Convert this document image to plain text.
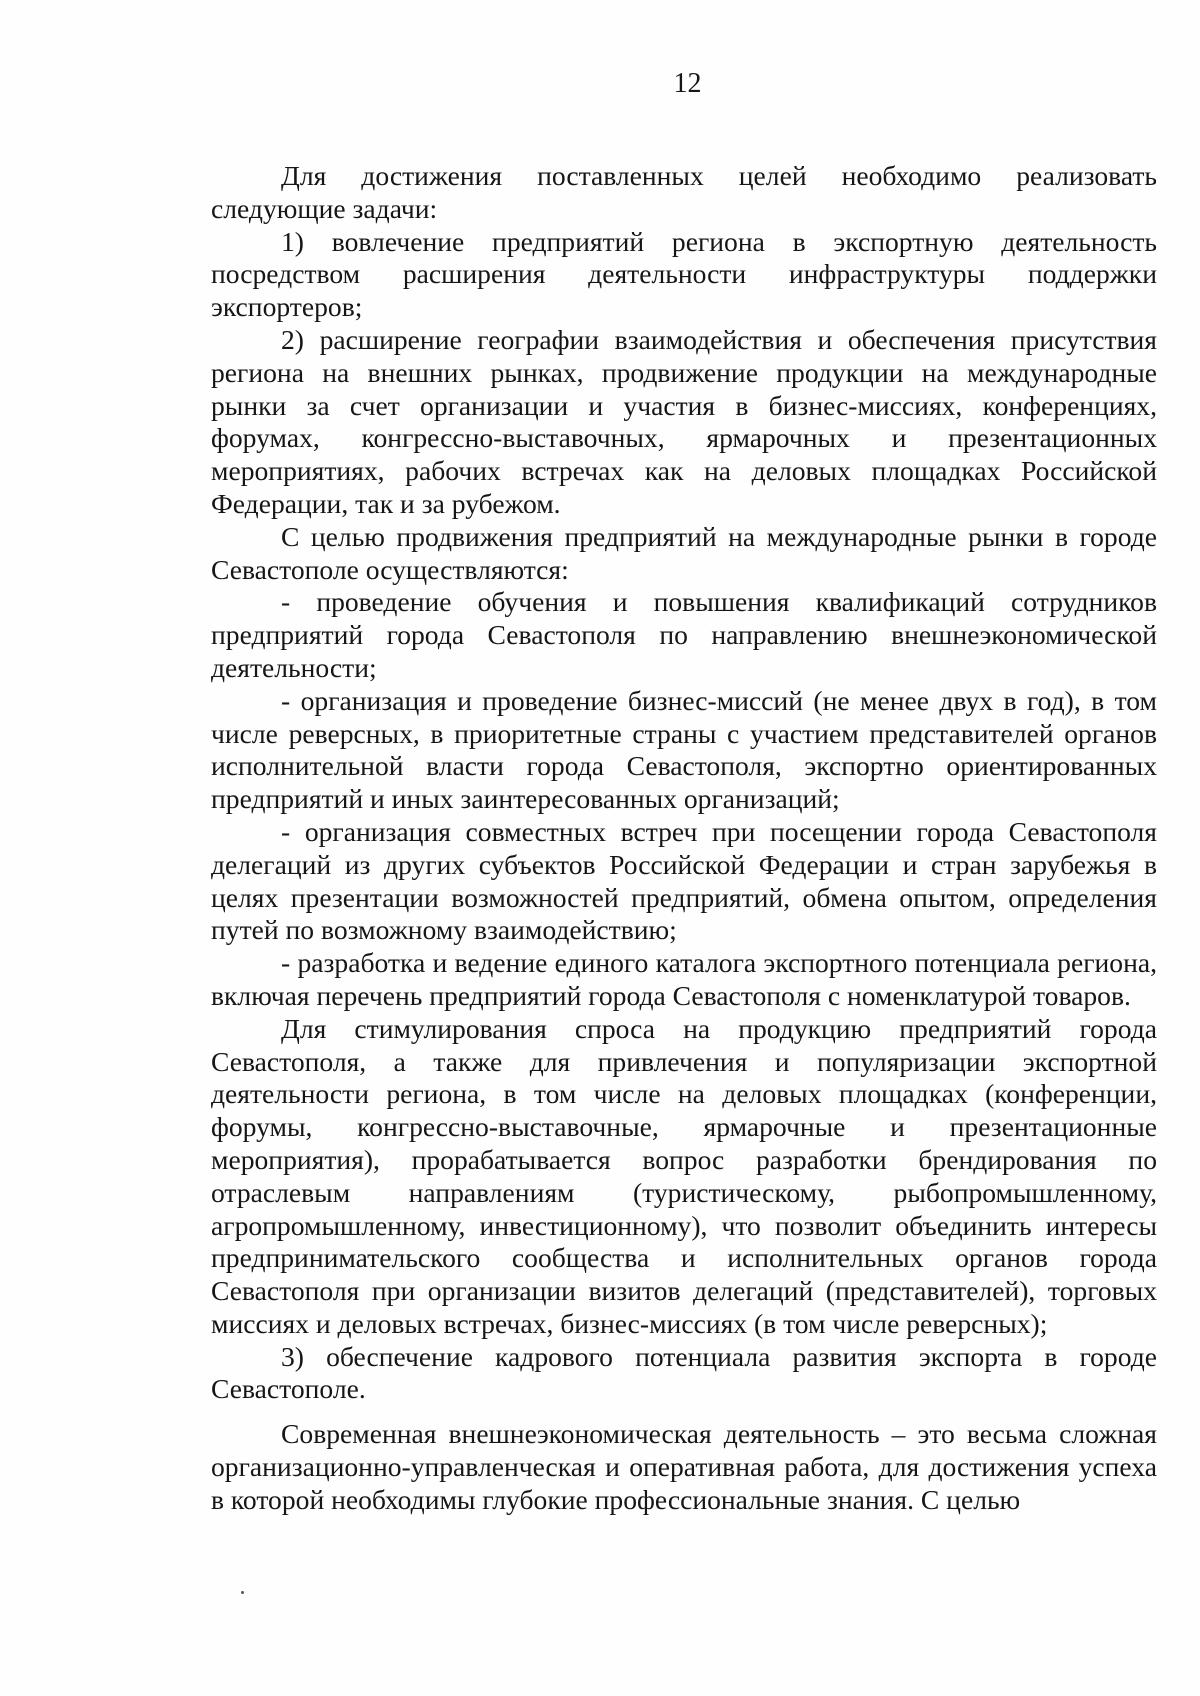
12

Для достижения поставленных целей необходимо реализовать следующие задачи:

1) вовлечение предприятий региона в экспортную деятельность посредством расширения деятельности инфраструктуры поддержки экспортеров;

2) расширение географии взаимодействия и обеспечения присутствия региона на внешних рынках, продвижение продукции на международные рынки за счет организации и участия в бизнес-миссиях, конференциях, форумах, конгрессно-выставочных, ярмарочных и презентационных мероприятиях, рабочих встречах как на деловых площадках Российской Федерации, так и за рубежом.

С целью продвижения предприятий на международные рынки в городе Севастополе осуществляются:

- проведение обучения и повышения квалификаций сотрудников предприятий города Севастополя по направлению внешнеэкономической деятельности;

- организация и проведение бизнес-миссий (не менее двух в год), в том числе реверсных, в приоритетные страны с участием представителей органов исполнительной власти города Севастополя, экспортно ориентированных предприятий и иных заинтересованных организаций;

- организация совместных встреч при посещении города Севастополя делегаций из других субъектов Российской Федерации и стран зарубежья в целях презентации возможностей предприятий, обмена опытом, определения путей по возможному взаимодействию;

- разработка и ведение единого каталога экспортного потенциала региона, включая перечень предприятий города Севастополя с номенклатурой товаров.

Для стимулирования спроса на продукцию предприятий города Севастополя, а также для привлечения и популяризации экспортной деятельности региона, в том числе на деловых площадках (конференции, форумы, конгрессно-выставочные, ярмарочные и презентационные мероприятия), прорабатывается вопрос разработки брендирования по отраслевым направлениям (туристическому, рыбопромышленному, агропромышленному, инвестиционному), что позволит объединить интересы предпринимательского сообщества и исполнительных органов города Севастополя при организации визитов делегаций (представителей), торговых миссиях и деловых встречах, бизнес-миссиях (в том числе реверсных);

3) обеспечение кадрового потенциала развития экспорта в городе Севастополе.

Современная внешнеэкономическая деятельность – это весьма сложная организационно-управленческая и оперативная работа, для достижения успеха в которой необходимы глубокие профессиональные знания. С целью
